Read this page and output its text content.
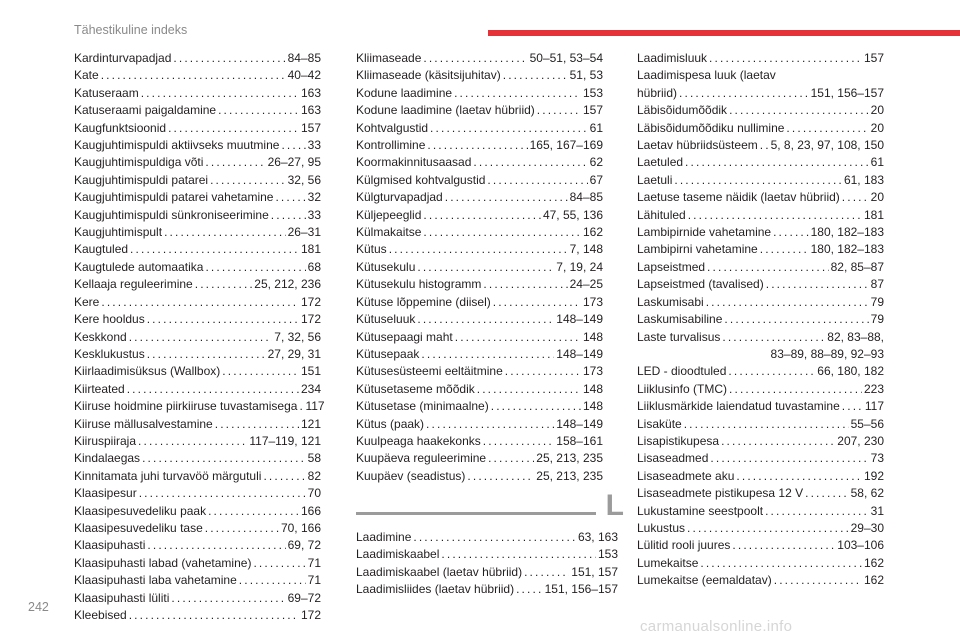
Tähestikuline indeks
Kardinturvapadjad . . .	84–85
Kate . . .	40–42
Katuseraam . . .	163
Katuseraami paigaldamine . . .	163
Kaugfunktsioonid . . .	157
Kaugjuhtimispuldi aktiivseks muutmine . . . 33
Kaugjuhtimispuldiga võti . . .	26–27, 95
Kaugjuhtimispuldi patarei . . .	32, 56
Kaugjuhtimispuldi patarei vahetamine . . .	32
Kaugjuhtimispuldi sünkroniseerimine . . .	33
Kaugjuhtimispult . . .	26–31
Kaugtuled . . .	181
Kaugtulede automaatika . . .	68
Kellaaja reguleerimine . . .	25, 212, 236
Kere . . .	172
Kere hooldus . . .	172
Keskkond . . .	7, 32, 56
Kesklukustus . . .	27, 29, 31
Kiirlaadimisüksus (Wallbox) . . .	151
Kiirteated . . .	234
Kiiruse hoidmine piirkiiruse tuvastamisega . . . 117
Kiiruse mällusalvestamine . . .	121
Kiiruspiiraja . . .	117–119, 121
Kindalaegas . . .	58
Kinnitamata juhi turvavöö märgutuli . . .	82
Klaasipesur . . .	70
Klaasipesuvedeliku paak . . .	166
Klaasipesuvedeliku tase . . .	70, 166
Klaasipuhasti . . .	69, 72
Klaasipuhasti labad (vahetamine) . . .	71
Klaasipuhasti laba vahetamine . . .	71
Klaasipuhasti lüliti . . .	69–72
Kleebised . . .	172
Kliimaseade . . .	50–51, 53–54
Kliimaseade (käsitsijuhitav) . . .	51, 53
Kodune laadimine . . .	153
Kodune laadimine (laetav hübriid) . . .	157
Kohtvalgustid . . .	61
Kontrollimine . . .	165, 167–169
Koormakinnitusaasad . . .	62
Külgmised kohtvalgustid . . .	67
Külgturvapadjad . . .	84–85
Küljepeeglid . . .	47, 55, 136
Külmakaitse . . .	162
Kütus . . .	7, 148
Kütusekulu . . .	7, 19, 24
Kütusekulu histogramm . . .	24–25
Kütuse lõppemine (diisel) . . .	173
Kütuseluuk . . .	148–149
Kütusepaagi maht . . .	148
Kütusepaak . . .	148–149
Kütusesüsteemi eeltäitmine . . .	173
Kütusetaseme mõõdik . . .	148
Kütusetase (minimaalne) . . .	148
Kütus (paak) . . .	148–149
Kuulpeaga haakekonks . . .	158–161
Kuupäeva reguleerimine . . .	25, 213, 235
Kuupäev (seadistus) . . .	25, 213, 235
Laadimisluuk . . .	157
Laadimispesa luuk (laetav
hübriid) . . .	151, 156–157
Läbisõidumõõdik . . .	20
Läbisõidumõõdiku nullimine . . .	20
Laetav hübriidsüsteem . . . 5, 8, 23, 97, 108, 150
Laetuled . . .	61
Laetuli . . .	61, 183
Laetuse taseme näidik (laetav hübriid) . . .	20
Lähituled . . .	181
Lambipirnide vahetamine . . .	180, 182–183
Lambipirni vahetamine . . .	180, 182–183
Lapseistmed . . .	82, 85–87
Lapseistmed (tavalised) . . .	87
Laskumisabi . . .	79
Laskumisabiline . . .	79
Laste turvalisus . . .	82, 83–88,
83–89, 88–89, 92–93
LED - dioodtuled . . .	66, 180, 182
Liiklusinfo (TMC) . . .	223
Liiklusmärkide laiendatud tuvastamine . . . 117
Lisaküte . . .	55–56
Lisapistikupesa . . .	207, 230
Lisaseadmed . . .	73
Lisaseadmete aku . . .	192
Lisaseadmete pistikupesa 12 V . . .	58, 62
Lukustamine seestpoolt . . .	31
Lukustus . . .	29–30
Lülitid rooli juures . . .	103–106
Lumekaitse . . .	162
Lumekaitse (eemaldatav) . . .	162
L
Laadimine . . .	63, 163
Laadimiskaabel . . .	153
Laadimiskaabel (laetav hübriid) . . .	151, 157
Laadimisliides (laetav hübriid) . . .	151, 156–157
242
carmanualsonline.info
